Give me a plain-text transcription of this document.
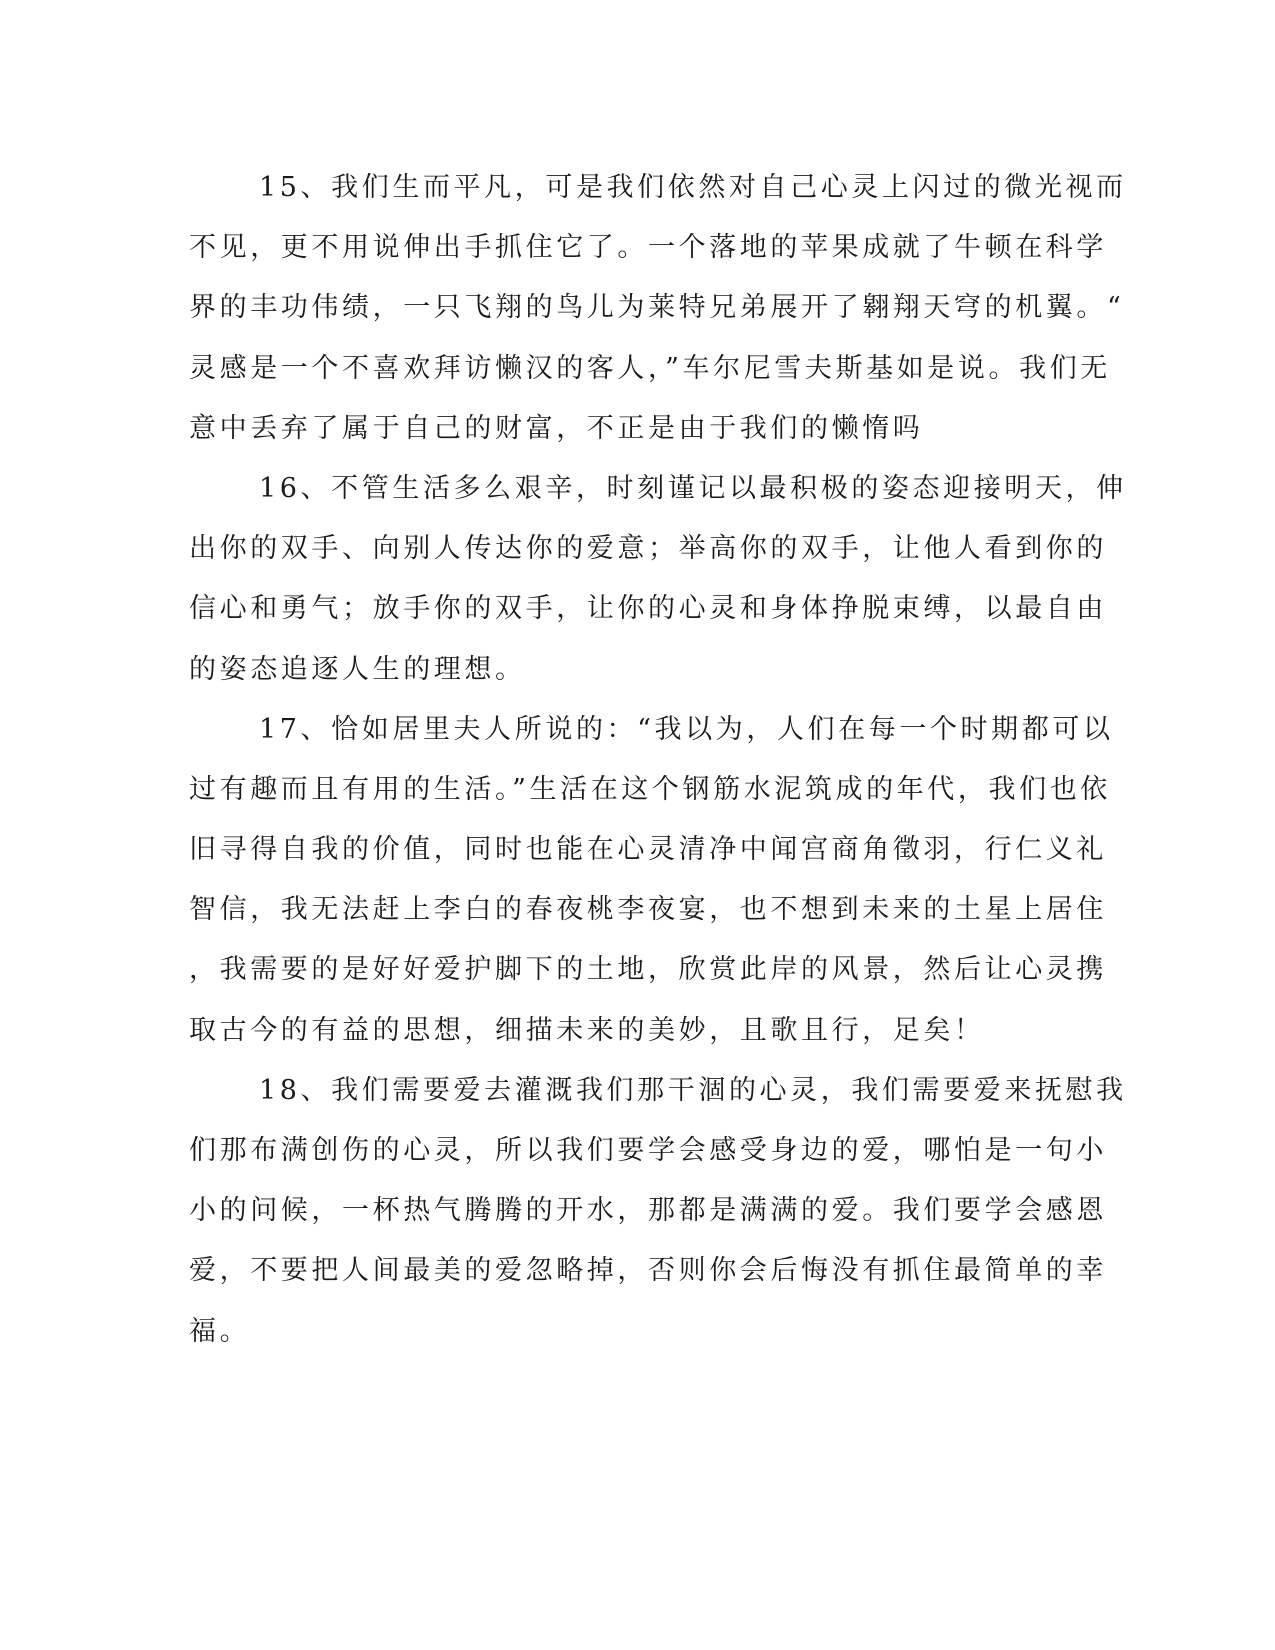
15、我们生而平凡，可是我们依然对自己心灵上闪过的微光视而
不见，更不用说伸出手抓住它了。一个落地的苹果成就了牛顿在科学
界的丰功伟绩，一只飞翔的鸟儿为莱特兄弟展开了翱翔天穹的机翼。“
灵感是一个不喜欢拜访懒汉的客人，”车尔尼雪夫斯基如是说。我们无
意中丢弃了属于自己的财富，不正是由于我们的懒惰吗
16、不管生活多么艰辛，时刻谨记以最积极的姿态迎接明天，伸
出你的双手、向别人传达你的爱意；举高你的双手，让他人看到你的
信心和勇气；放手你的双手，让你的心灵和身体挣脱束缚，以最自由
的姿态追逐人生的理想。
17、恰如居里夫人所说的：“我以为，人们在每一个时期都可以
过有趣而且有用的生活。”生活在这个钢筋水泥筑成的年代，我们也依
旧寻得自我的价值，同时也能在心灵清净中闻宫商角徵羽，行仁义礼
智信，我无法赶上李白的春夜桃李夜宴，也不想到未来的土星上居住
，我需要的是好好爱护脚下的土地，欣赏此岸的风景，然后让心灵携
取古今的有益的思想，细描未来的美妙，且歌且行，足矣！
18、我们需要爱去灌溉我们那干涸的心灵，我们需要爱来抚慰我
们那布满创伤的心灵，所以我们要学会感受身边的爱，哪怕是一句小
小的问候，一杯热气腾腾的开水，那都是满满的爱。我们要学会感恩
爱，不要把人间最美的爱忽略掉，否则你会后悔没有抓住最简单的幸
福。
